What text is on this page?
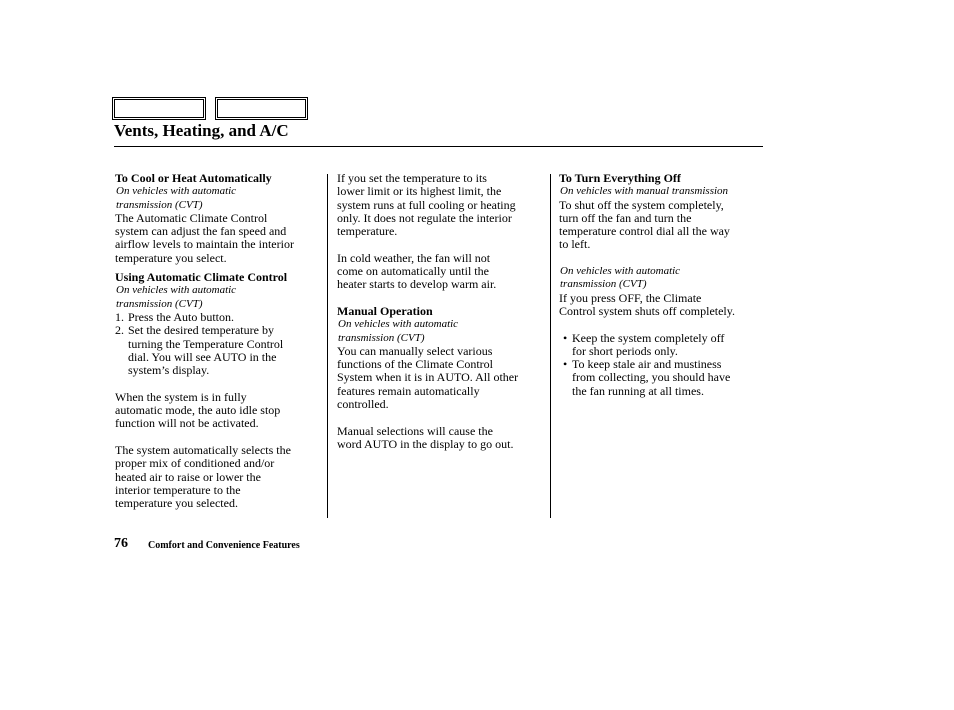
Vents, Heating, and A/C

To Cool or Heat Automatically

On vehicles with automatic

transmission (CVT)

The Automatic Climate Control

system can adjust the fan speed and

airflow levels to maintain the interior

temperature you select.

Using Automatic Climate Control

On vehicles with automatic

transmission (CVT)

1. Press the Auto button.
2. Set the desired temperature by

turning the Temperature Control

dial. You will see AUTO in the

system’s display.

When the system is in fully

automatic mode, the auto idle stop

function will not be activated.

The system automatically selects the

proper mix of conditioned and/or

heated air to raise or lower the

interior temperature to the

temperature you selected.

If you set the temperature to its

lower limit or its highest limit, the

system runs at full cooling or heating

only. It does not regulate the interior

temperature.

In cold weather, the fan will not

come on automatically until the

heater starts to develop warm air.

Manual Operation

On vehicles with automatic

transmission (CVT)

You can manually select various

functions of the Climate Control

System when it is in AUTO. All other

features remain automatically

controlled.

Manual selections will cause the

word AUTO in the display to go out.

To Turn Everything Off

On vehicles with manual transmission

To shut off the system completely,

turn off the fan and turn the

temperature control dial all the way

to left.

On vehicles with automatic

transmission (CVT)

If you press OFF, the Climate

Control system shuts off completely.

• Keep the system completely off

for short periods only.

• To keep stale air and mustiness

from collecting, you should have

the fan running at all times.

76 Comfort and Convenience Features
